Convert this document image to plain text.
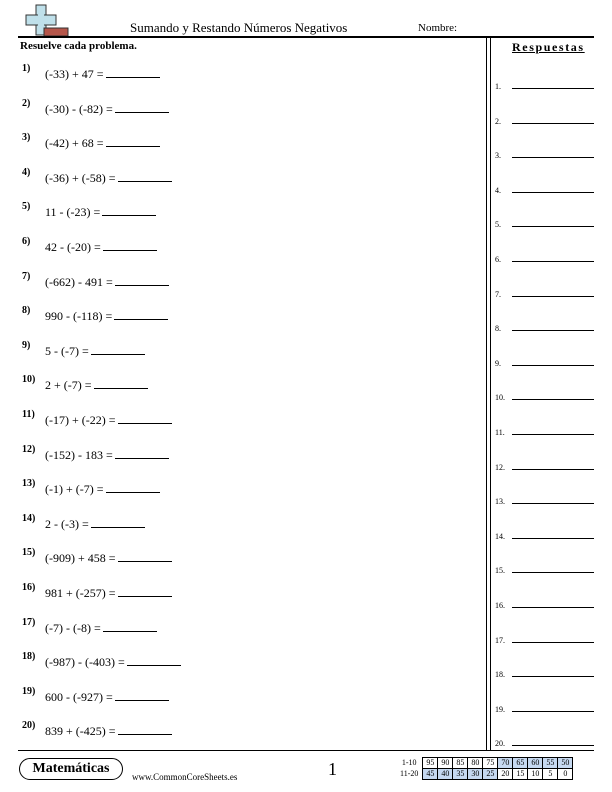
Sumando y Restando Números Negativos	Nombre:
Resuelve cada problema.
1) (-33) + 47 =
2) (-30) - (-82) =
3) (-42) + 68 =
4) (-36) + (-58) =
5) 11 - (-23) =
6) 42 - (-20) =
7) (-662) - 491 =
8) 990 - (-118) =
9) 5 - (-7) =
10) 2 + (-7) =
11) (-17) + (-22) =
12) (-152) - 183 =
13) (-1) + (-7) =
14) 2 - (-3) =
15) (-909) + 458 =
16) 981 + (-257) =
17) (-7) - (-8) =
18) (-987) - (-403) =
19) 600 - (-927) =
20) 839 + (-425) =
Respuestas
1.
2.
3.
4.
5.
6.
7.
8.
9.
10.
11.
12.
13.
14.
15.
16.
17.
18.
19.
20.
Matemáticas
www.CommonCoreSheets.es	1	1-10	95	90	85	80	75	70	65	60	55	50
11-20	45	40	35	30	25	20	15	10	5	0
